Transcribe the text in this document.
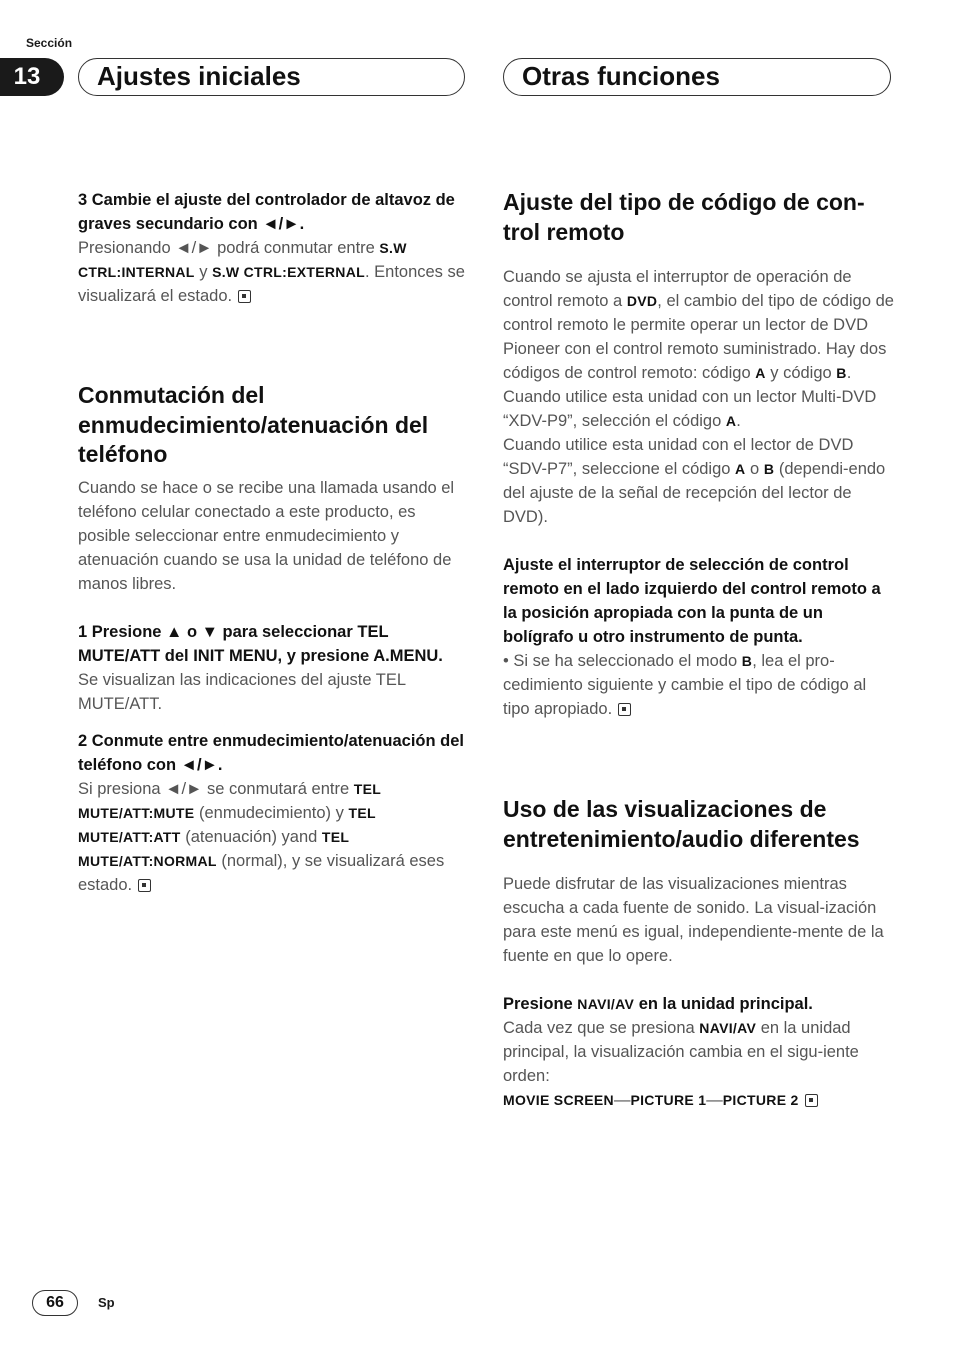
Sección
13	Ajustes iniciales	Otras funciones

3 Cambie el ajuste del controlador de altavoz de graves secundario con ◄/►.

Presionando ◄/► podrá conmutar entre S.W CTRL:INTERNAL y S.W CTRL:EXTERNAL. Entonces se visualizará el estado.

Conmutación del enmudecimiento/atenuación del teléfono

Cuando se hace o se recibe una llamada usando el teléfono celular conectado a este producto, es posible seleccionar entre enmudecimiento y atenuación cuando se usa la unidad de teléfono de manos libres.

1 Presione ▲ o ▼ para seleccionar TEL MUTE/ATT del INIT MENU, y presione A.MENU.

Se visualizan las indicaciones del ajuste TEL MUTE/ATT.

2 Conmute entre enmudecimiento/atenuación del teléfono con ◄/►.

Si presiona ◄/► se conmutará entre TEL MUTE/ATT:MUTE (enmudecimiento) y TEL MUTE/ATT:ATT (atenuación) yand TEL MUTE/ATT:NORMAL (normal), y se visualizará eses estado.

Ajuste del tipo de código de con-trol remoto

Cuando se ajusta el interruptor de operación de control remoto a DVD, el cambio del tipo de código de control remoto le permite operar un lector de DVD Pioneer con el control remoto suministrado. Hay dos códigos de control remoto: código A y código B.

Cuando utilice esta unidad con un lector Multi-DVD “XDV-P9”, selección el código A.

Cuando utilice esta unidad con el lector de DVD “SDV-P7”, seleccione el código A o B (dependi-endo del ajuste de la señal de recepción del lector de DVD).

Ajuste el interruptor de selección de control remoto en el lado izquierdo del control remoto a la posición apropiada con la punta de un bolígrafo u otro instrumento de punta.

• Si se ha seleccionado el modo B, lea el pro-cedimiento siguiente y cambie el tipo de código al tipo apropiado.

Uso de las visualizaciones de entretenimiento/audio diferentes

Puede disfrutar de las visualizaciones mientras escucha a cada fuente de sonido. La visual-ización para este menú es igual, independiente-mente de la fuente en que lo opere.

Presione NAVI/AV en la unidad principal.

Cada vez que se presiona NAVI/AV en la unidad principal, la visualización cambia en el sigu-iente orden:

MOVIE SCREEN—PICTURE 1—PICTURE 2

66	Sp
